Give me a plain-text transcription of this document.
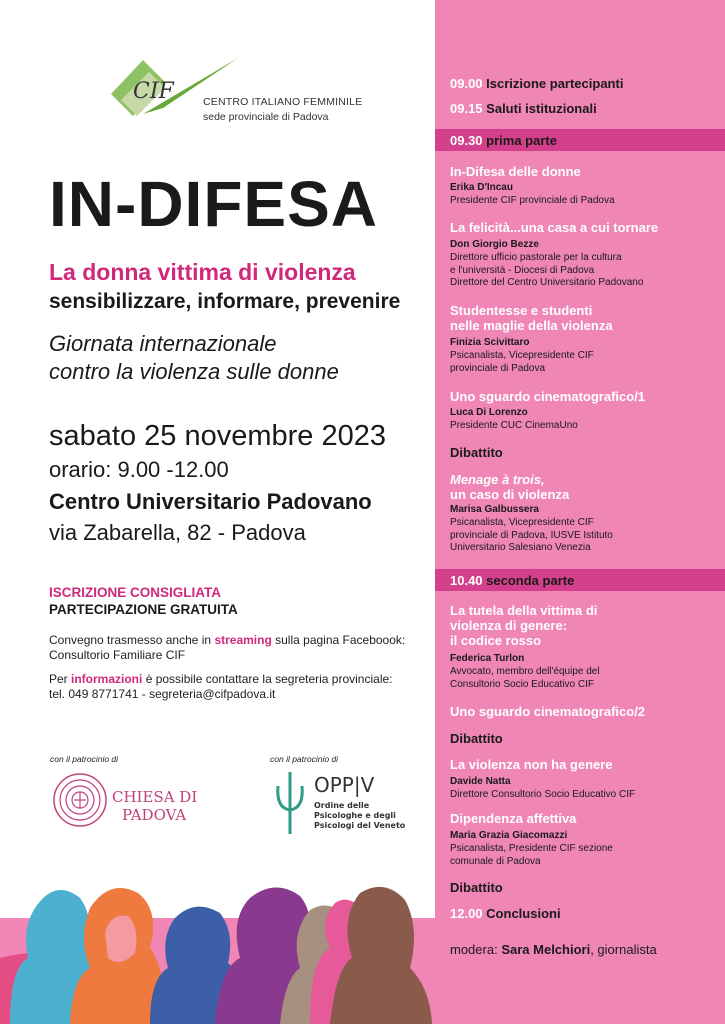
CIF	CENTRO ITALIANO FEMMINILE
sede provinciale di Padova
IN-DIFESA
La donna vittima di violenza
sensibilizzare, informare, prevenire
Giornata internazionale
contro la violenza sulle donne
sabato 25 novembre 2023
orario: 9.00 -12.00
Centro Universitario Padovano
via Zabarella, 82 - Padova
ISCRIZIONE CONSIGLIATA
PARTECIPAZIONE GRATUITA
Convegno trasmesso anche in streaming sulla pagina Faceboook:
Consultorio Familiare CIF
Per informazioni è possibile contattare la segreteria provinciale:
tel. 049 8771741 - segreteria@cifpadova.it
con il patrocinio di	con il patrocinio di
CHIESA DI
PADOVA
OPP|V
Ordine delle
Psicologhe e degli
Psicologi del Veneto
09.00 Iscrizione partecipanti
09.15 Saluti istituzionali
09.30 prima parte
In-Difesa delle donne
Erika D'Incau
Presidente CIF provinciale di Padova
La felicità...una casa a cui tornare
Don Giorgio Bezze
Direttore ufficio pastorale per la cultura
e l'università - Diocesi di Padova
Direttore del Centro Universitario Padovano
Studentesse e studenti
nelle maglie della violenza
Finizia Scivittaro
Psicanalista, Vicepresidente CIF
provinciale di Padova
Uno sguardo cinematografico/1
Luca Di Lorenzo
Presidente CUC CinemaUno
Dibattito
Menage à trois,
un caso di violenza
Marisa Galbussera
Psicanalista, Vicepresidente CIF
provinciale di Padova, IUSVE Istituto
Universitario Salesiano Venezia
10.40 seconda parte
La tutela della vittima di
violenza di genere:
il codice rosso
Federica Turlon
Avvocato, membro dell'équipe del
Consultorio Socio Educativo CIF
Uno sguardo cinematografico/2
Dibattito
La violenza non ha genere
Davide Natta
Direttore Consultorio Socio Educativo CIF
Dipendenza affettiva
Maria Grazia Giacomazzi
Psicanalista, Presidente CIF sezione
comunale di Padova
Dibattito
12.00 Conclusioni
modera: Sara Melchiori, giornalista
